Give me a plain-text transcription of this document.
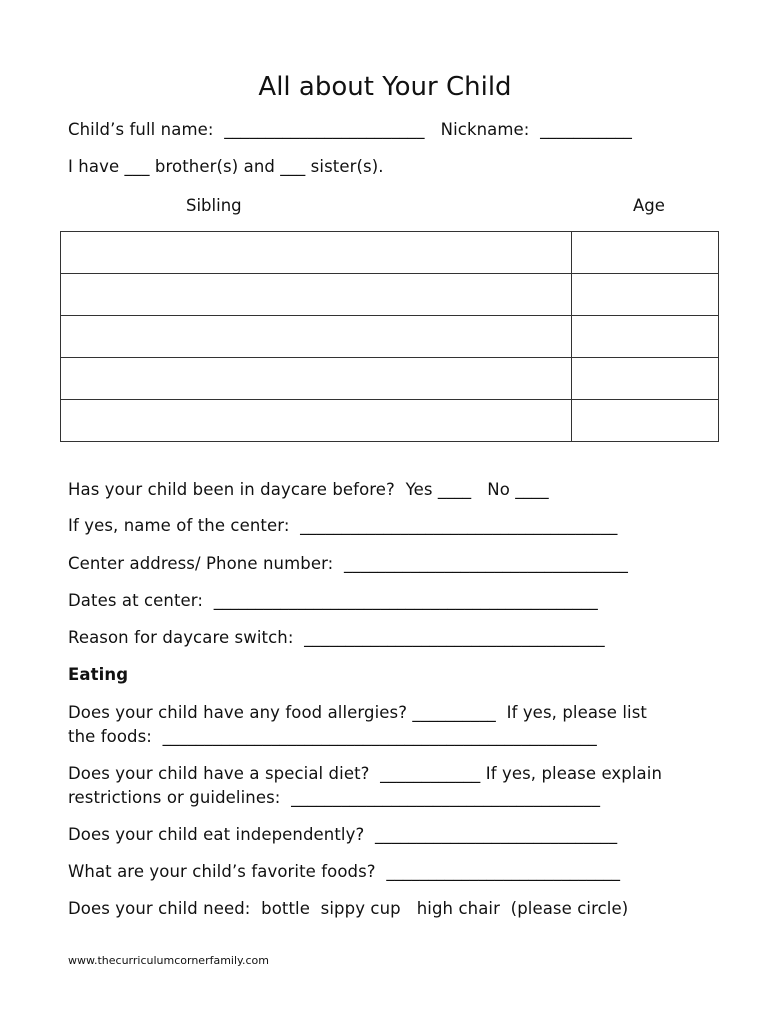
All about Your Child
Child’s full name:  ________________________   Nickname:  ___________
I have ___ brother(s) and ___ sister(s).
Sibling	Age

Has your child been in daycare before?  Yes ____   No ____
If yes, name of the center:  ______________________________________
Center address/ Phone number:  __________________________________
Dates at center:  ______________________________________________
Reason for daycare switch:  ____________________________________
Eating
Does your child have any food allergies? __________  If yes, please list
the foods:  ____________________________________________________
Does your child have a special diet?  ____________ If yes, please explain
restrictions or guidelines:  _____________________________________
Does your child eat independently?  _____________________________
What are your child’s favorite foods?  ____________________________
Does your child need:  bottle  sippy cup   high chair  (please circle)
www.thecurriculumcornerfamily.com
